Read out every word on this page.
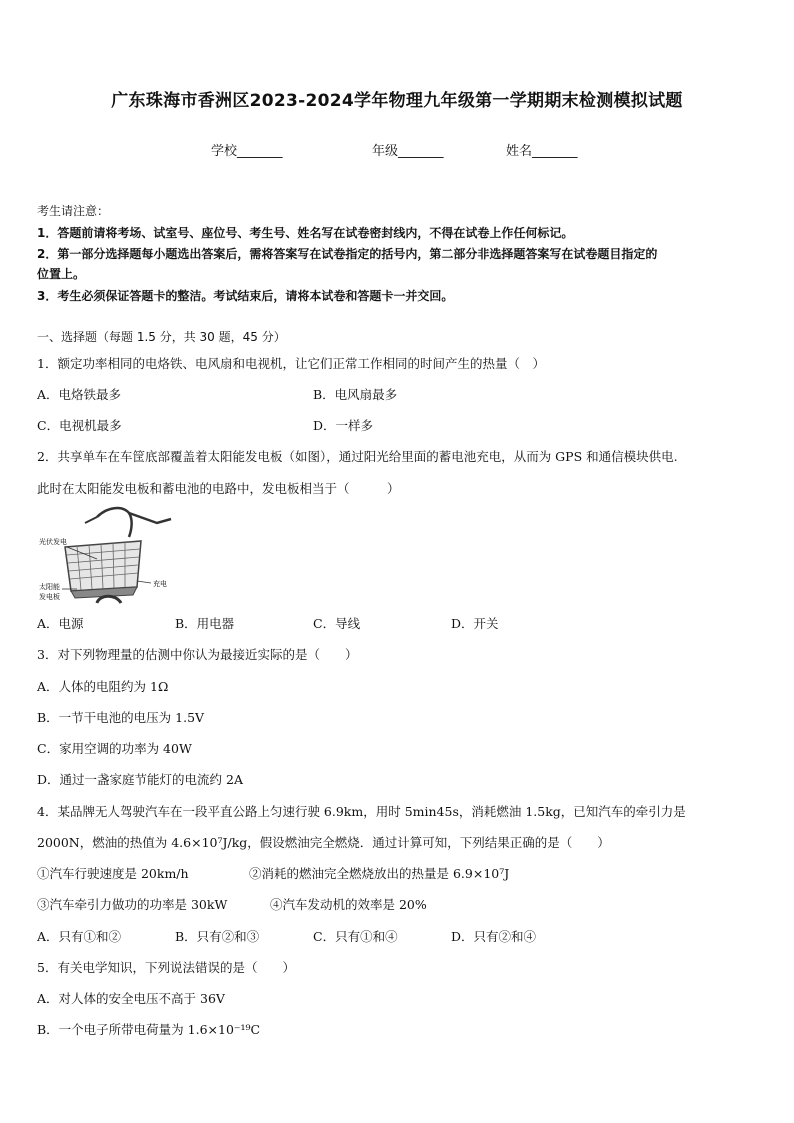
广东珠海市香洲区2023-2024学年物理九年级第一学期期末检测模拟试题
学校_______	年级_______	姓名_______
考生请注意：
1．答题前请将考场、试室号、座位号、考生号、姓名写在试卷密封线内，不得在试卷上作任何标记。
2．第一部分选择题每小题选出答案后，需将答案写在试卷指定的括号内，第二部分非选择题答案写在试卷题目指定的
位置上。
3．考生必须保证答题卡的整洁。考试结束后，请将本试卷和答题卡一并交回。
一、选择题（每题 1.5 分，共 30 题，45 分）
1．额定功率相同的电烙铁、电风扇和电视机，让它们正常工作相同的时间产生的热量（　）
A．电烙铁最多	B．电风扇最多
C．电视机最多	D．一样多
2．共享单车在车筐底部覆盖着太阳能发电板（如图），通过阳光给里面的蓄电池充电，从而为 GPS 和通信模块供电.
此时在太阳能发电板和蓄电池的电路中，发电板相当于（　　　）
光伏发电
太阳能
发电板
充电
A．电源	B．用电器	C．导线	D．开关
3．对下列物理量的估测中你认为最接近实际的是（　　）
A．人体的电阻约为 1Ω
B．一节干电池的电压为 1.5V
C．家用空调的功率为 40W
D．通过一盏家庭节能灯的电流约 2A
4．某品牌无人驾驶汽车在一段平直公路上匀速行驶 6.9km，用时 5min45s，消耗燃油 1.5kg，已知汽车的牵引力是
2000N，燃油的热值为 4.6×10⁷J/kg，假设燃油完全燃烧．通过计算可知，下列结果正确的是（　　）
①汽车行驶速度是 20km/h	②消耗的燃油完全燃烧放出的热量是 6.9×10⁷J
③汽车牵引力做功的功率是 30kW	④汽车发动机的效率是 20%
A．只有①和②	B．只有②和③	C．只有①和④	D．只有②和④
5．有关电学知识，下列说法错误的是（　　）
A．对人体的安全电压不高于 36V
B．一个电子所带电荷量为 1.6×10⁻¹⁹C
